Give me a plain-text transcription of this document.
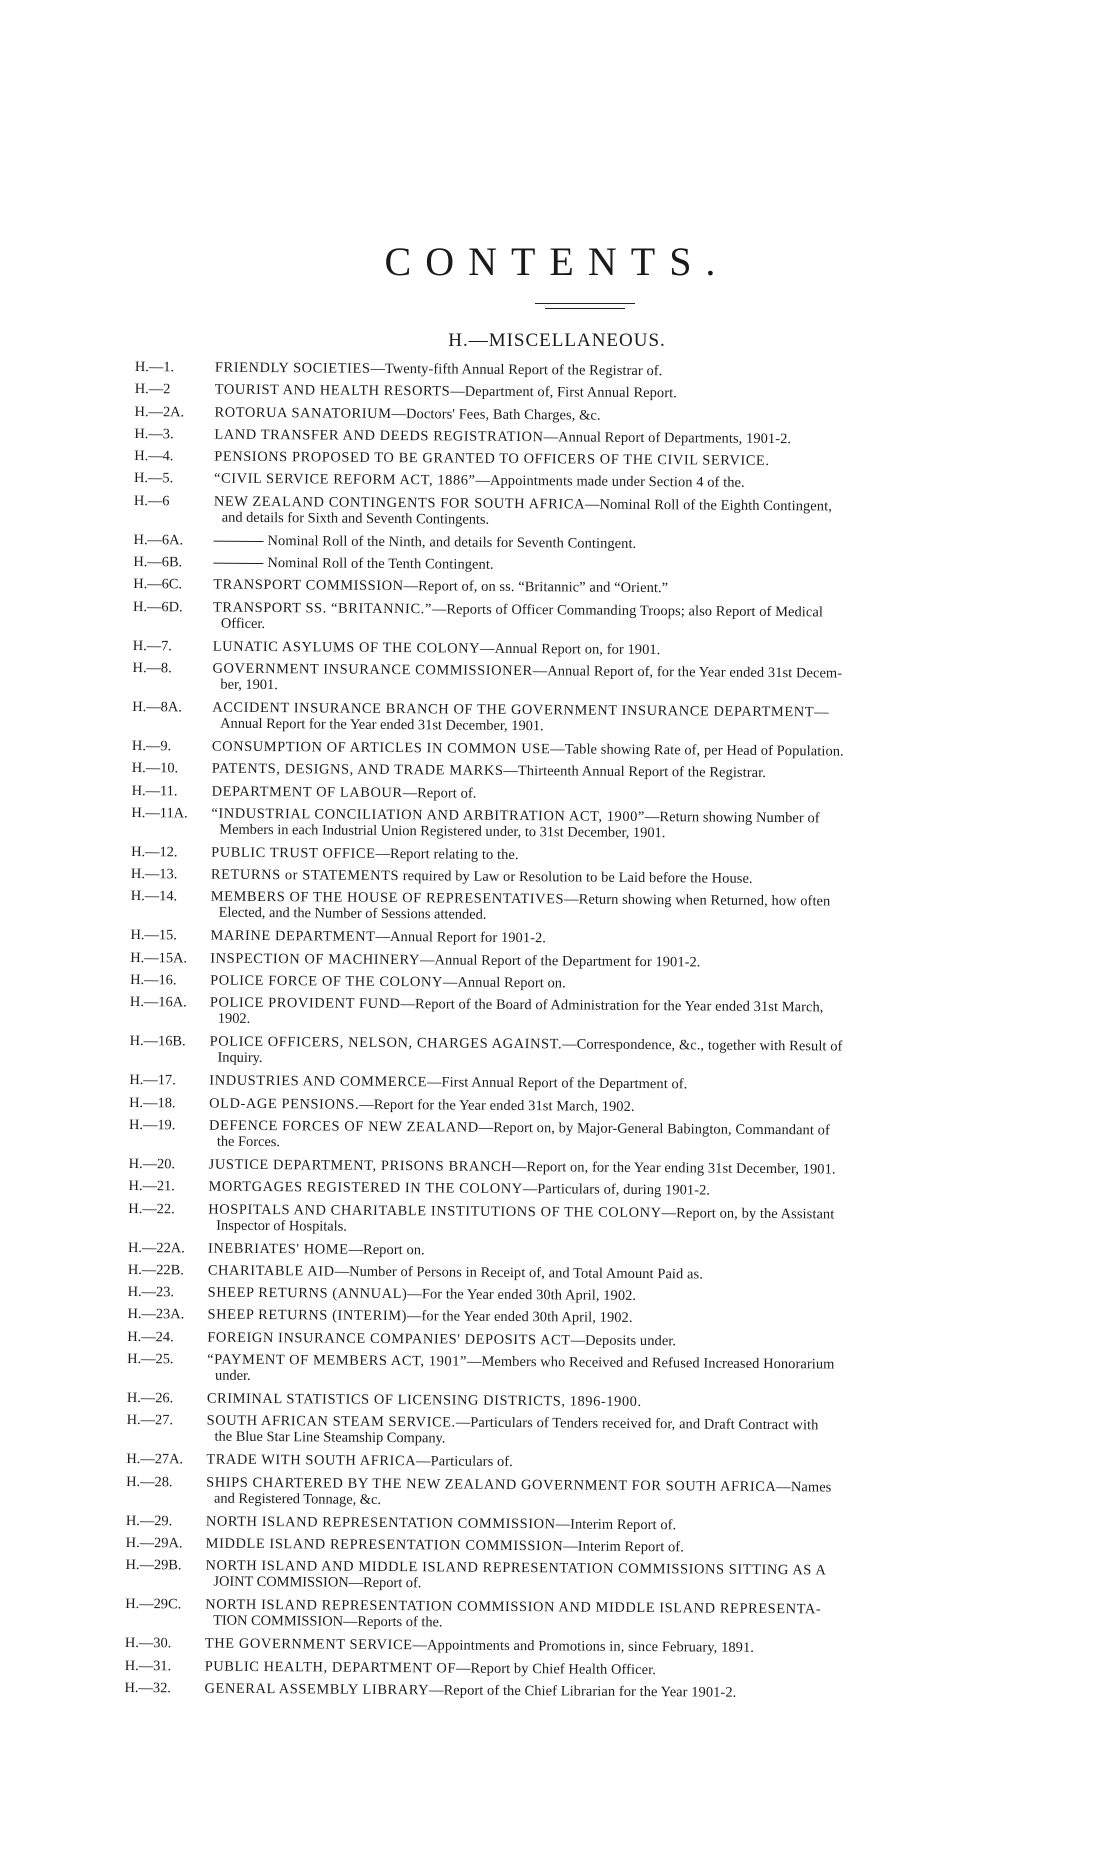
CONTENTS.
H.—MISCELLANEOUS.
H.—1.	FRIENDLY SOCIETIES—Twenty-fifth Annual Report of the Registrar of.
H.—2	TOURIST AND HEALTH RESORTS—Department of, First Annual Report.
H.—2A.	ROTORUA SANATORIUM—Doctors' Fees, Bath Charges, &c.
H.—3.	LAND TRANSFER AND DEEDS REGISTRATION—Annual Report of Departments, 1901-2.
H.—4.	PENSIONS PROPOSED TO BE GRANTED TO OFFICERS OF THE CIVIL SERVICE.
H.—5.	“CIVIL SERVICE REFORM ACT, 1886”—Appointments made under Section 4 of the.
H.—6	NEW ZEALAND CONTINGENTS FOR SOUTH AFRICA—Nominal Roll of the Eighth Contingent,
and details for Sixth and Seventh Contingents.
H.—6A.	Nominal Roll of the Ninth, and details for Seventh Contingent.
H.—6B.	Nominal Roll of the Tenth Contingent.
H.—6C.	TRANSPORT COMMISSION—Report of, on ss. “Britannic” and “Orient.”
H.—6D.	TRANSPORT SS. “BRITANNIC.”—Reports of Officer Commanding Troops; also Report of Medical
Officer.
H.—7.	LUNATIC ASYLUMS OF THE COLONY—Annual Report on, for 1901.
H.—8.	GOVERNMENT INSURANCE COMMISSIONER—Annual Report of, for the Year ended 31st Decem-
ber, 1901.
H.—8A.	ACCIDENT INSURANCE BRANCH OF THE GOVERNMENT INSURANCE DEPARTMENT—
Annual Report for the Year ended 31st December, 1901.
H.—9.	CONSUMPTION OF ARTICLES IN COMMON USE—Table showing Rate of, per Head of Population.
H.—10.	PATENTS, DESIGNS, AND TRADE MARKS—Thirteenth Annual Report of the Registrar.
H.—11.	DEPARTMENT OF LABOUR—Report of.
H.—11A.	“INDUSTRIAL CONCILIATION AND ARBITRATION ACT, 1900”—Return showing Number of
Members in each Industrial Union Registered under, to 31st December, 1901.
H.—12.	PUBLIC TRUST OFFICE—Report relating to the.
H.—13.	RETURNS or STATEMENTS required by Law or Resolution to be Laid before the House.
H.—14.	MEMBERS OF THE HOUSE OF REPRESENTATIVES—Return showing when Returned, how often
Elected, and the Number of Sessions attended.
H.—15.	MARINE DEPARTMENT—Annual Report for 1901-2.
H.—15A.	INSPECTION OF MACHINERY—Annual Report of the Department for 1901-2.
H.—16.	POLICE FORCE OF THE COLONY—Annual Report on.
H.—16A.	POLICE PROVIDENT FUND—Report of the Board of Administration for the Year ended 31st March,
1902.
H.—16B.	POLICE OFFICERS, NELSON, CHARGES AGAINST.—Correspondence, &c., together with Result of
Inquiry.
H.—17.	INDUSTRIES AND COMMERCE—First Annual Report of the Department of.
H.—18.	OLD-AGE PENSIONS.—Report for the Year ended 31st March, 1902.
H.—19.	DEFENCE FORCES OF NEW ZEALAND—Report on, by Major-General Babington, Commandant of
the Forces.
H.—20.	JUSTICE DEPARTMENT, PRISONS BRANCH—Report on, for the Year ending 31st December, 1901.
H.—21.	MORTGAGES REGISTERED IN THE COLONY—Particulars of, during 1901-2.
H.—22.	HOSPITALS AND CHARITABLE INSTITUTIONS OF THE COLONY—Report on, by the Assistant
Inspector of Hospitals.
H.—22A.	INEBRIATES' HOME—Report on.
H.—22B.	CHARITABLE AID—Number of Persons in Receipt of, and Total Amount Paid as.
H.—23.	SHEEP RETURNS (ANNUAL)—For the Year ended 30th April, 1902.
H.—23A.	SHEEP RETURNS (INTERIM)—for the Year ended 30th April, 1902.
H.—24.	FOREIGN INSURANCE COMPANIES' DEPOSITS ACT—Deposits under.
H.—25.	“PAYMENT OF MEMBERS ACT, 1901”—Members who Received and Refused Increased Honorarium
under.
H.—26.	CRIMINAL STATISTICS OF LICENSING DISTRICTS, 1896-1900.
H.—27.	SOUTH AFRICAN STEAM SERVICE.—Particulars of Tenders received for, and Draft Contract with
the Blue Star Line Steamship Company.
H.—27A.	TRADE WITH SOUTH AFRICA—Particulars of.
H.—28.	SHIPS CHARTERED BY THE NEW ZEALAND GOVERNMENT FOR SOUTH AFRICA—Names
and Registered Tonnage, &c.
H.—29.	NORTH ISLAND REPRESENTATION COMMISSION—Interim Report of.
H.—29A.	MIDDLE ISLAND REPRESENTATION COMMISSION—Interim Report of.
H.—29B.	NORTH ISLAND AND MIDDLE ISLAND REPRESENTATION COMMISSIONS SITTING AS A
JOINT COMMISSION—Report of.
H.—29C.	NORTH ISLAND REPRESENTATION COMMISSION AND MIDDLE ISLAND REPRESENTA-
TION COMMISSION—Reports of the.
H.—30.	THE GOVERNMENT SERVICE—Appointments and Promotions in, since February, 1891.
H.—31.	PUBLIC HEALTH, DEPARTMENT OF—Report by Chief Health Officer.
H.—32.	GENERAL ASSEMBLY LIBRARY—Report of the Chief Librarian for the Year 1901-2.
